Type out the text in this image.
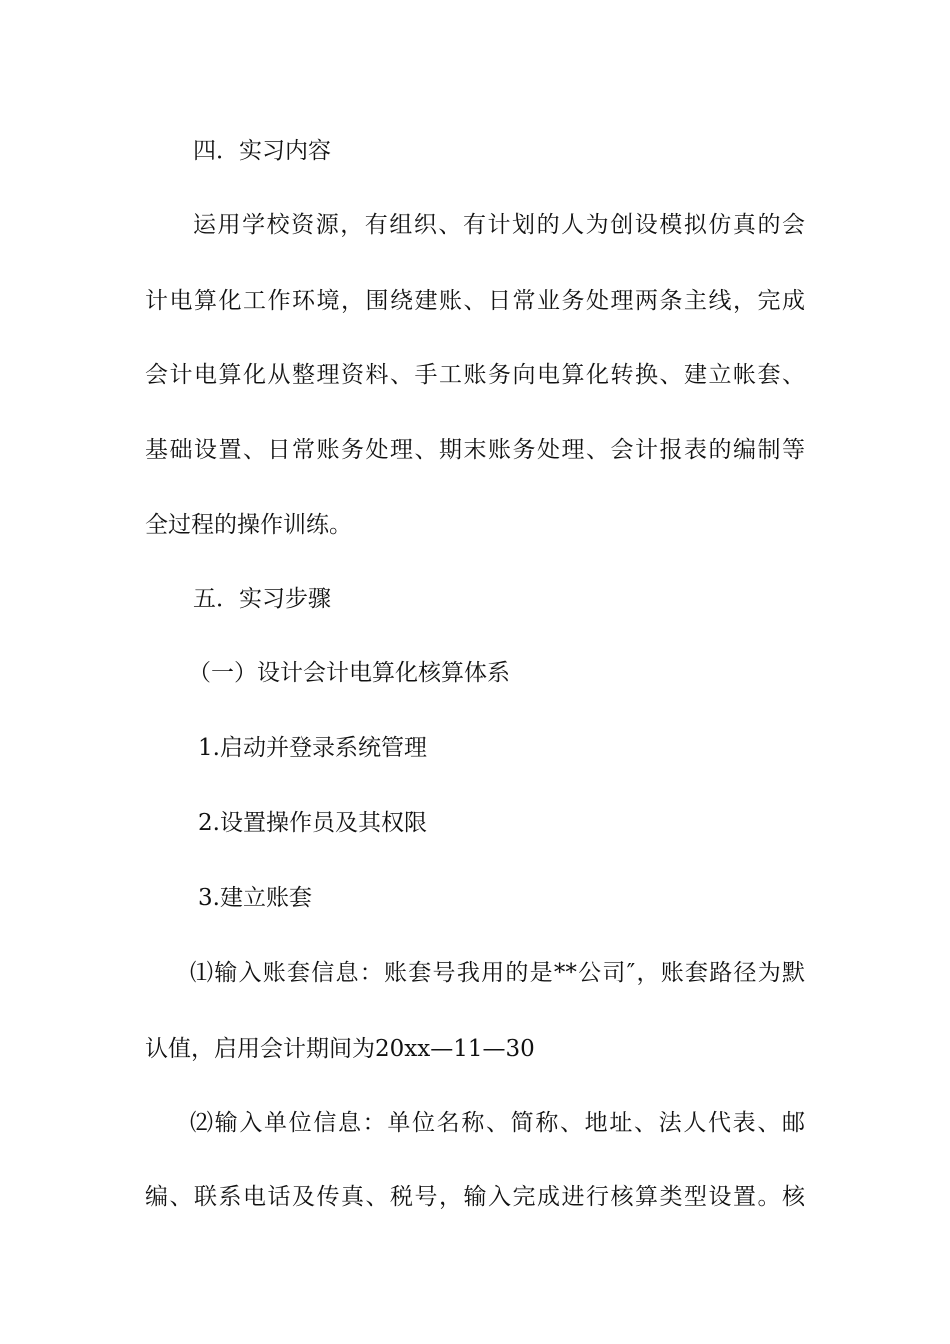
四．实习内容
运用学校资源，有组织、有计划的人为创设模拟仿真的会
计电算化工作环境，围绕建账、日常业务处理两条主线，完成
会计电算化从整理资料、手工账务向电算化转换、建立帐套、
基础设置、日常账务处理、期末账务处理、会计报表的编制等
全过程的操作训练。
五．实习步骤
（一）设计会计电算化核算体系
1.启动并登录系统管理
2.设置操作员及其权限
3.建立账套
⑴输入账套信息：账套号我用的是**公司″，账套路径为默
认值，启用会计期间为20xx—11—30
⑵输入单位信息：单位名称、简称、地址、法人代表、邮
编、联系电话及传真、税号，输入完成进行核算类型设置。核
